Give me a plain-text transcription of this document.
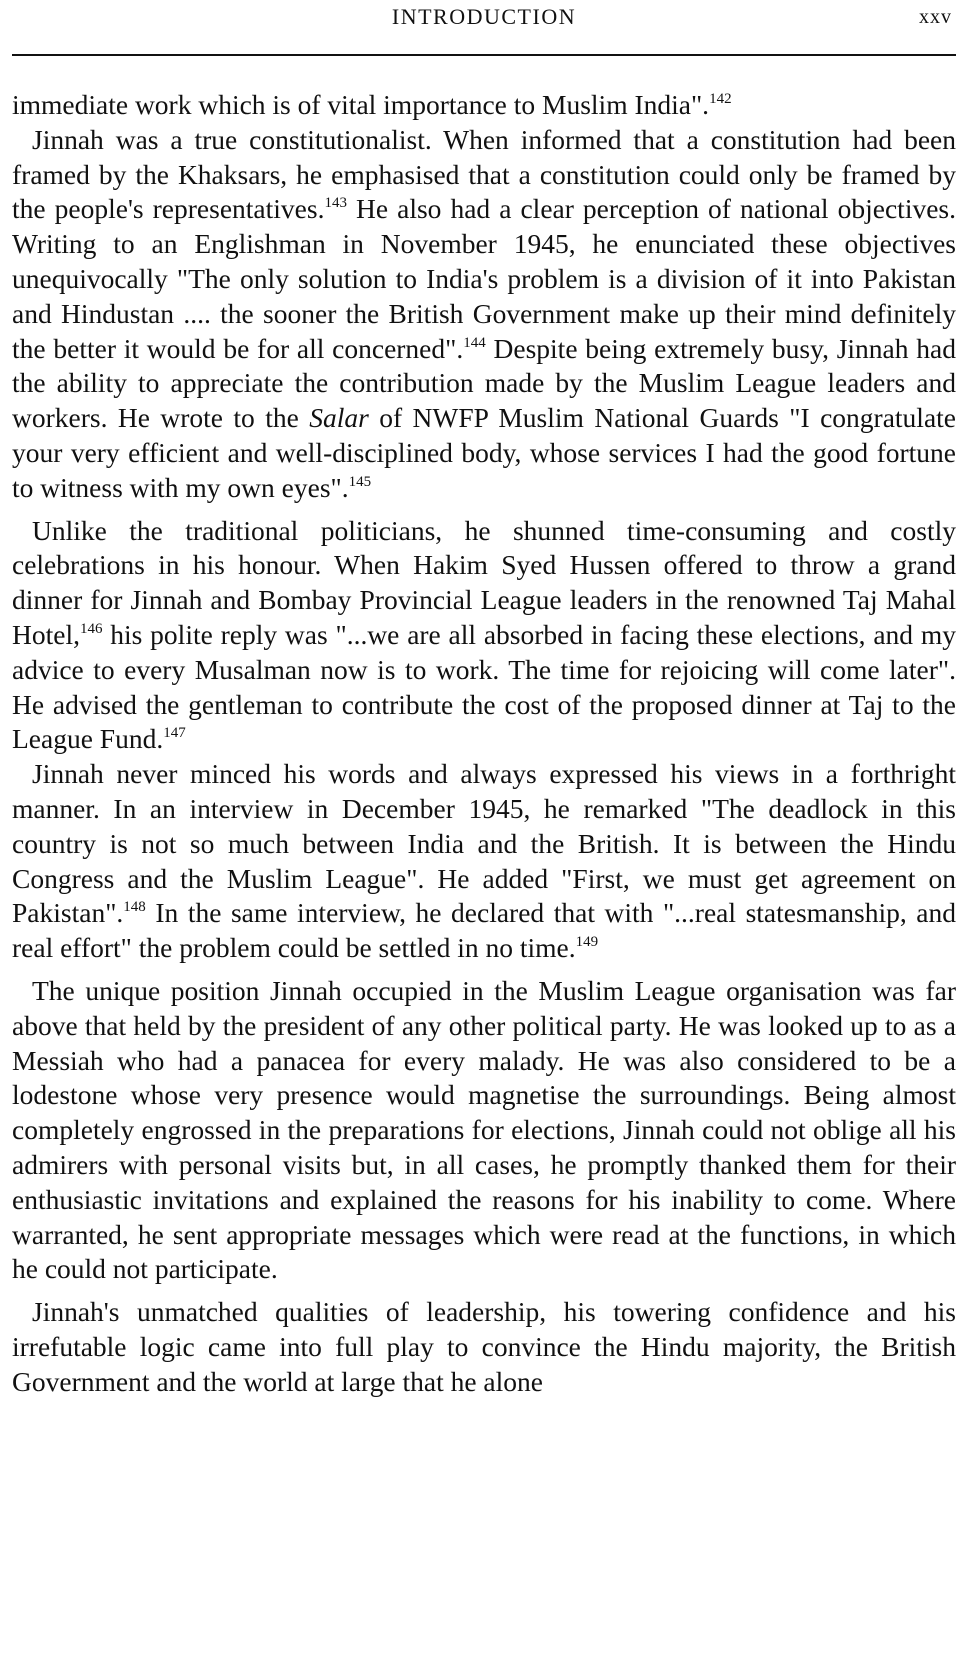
INTRODUCTION	xxv

immediate work which is of vital importance to Muslim India".$^{142}$

Jinnah was a true constitutionalist. When informed that a constitution had been framed by the Khaksars, he emphasised that a constitution could only be framed by the people's representatives.$^{143}$ He also had a clear perception of national objectives. Writing to an Englishman in November 1945, he enunciated these objectives unequivocally "The only solution to India's problem is a division of it into Pakistan and Hindustan .... the sooner the British Government make up their mind definitely the better it would be for all concerned".$^{144}$ Despite being extremely busy, Jinnah had the ability to appreciate the contribution made by the Muslim League leaders and workers. He wrote to the Salar of NWFP Muslim National Guards "I congratulate your very efficient and well-disciplined body, whose services I had the good fortune to witness with my own eyes".$^{145}$

Unlike the traditional politicians, he shunned time-consuming and costly celebrations in his honour. When Hakim Syed Hussen offered to throw a grand dinner for Jinnah and Bombay Provincial League leaders in the renowned Taj Mahal Hotel,$^{146}$ his polite reply was "...we are all absorbed in facing these elections, and my advice to every Musalman now is to work. The time for rejoicing will come later". He advised the gentleman to contribute the cost of the proposed dinner at Taj to the League Fund.$^{147}$

Jinnah never minced his words and always expressed his views in a forthright manner. In an interview in December 1945, he remarked "The deadlock in this country is not so much between India and the British. It is between the Hindu Congress and the Muslim League". He added "First, we must get agreement on Pakistan".$^{148}$ In the same interview, he declared that with "...real statesmanship, and real effort" the problem could be settled in no time.$^{149}$

The unique position Jinnah occupied in the Muslim League organisation was far above that held by the president of any other political party. He was looked up to as a Messiah who had a panacea for every malady. He was also considered to be a lodestone whose very presence would magnetise the surroundings. Being almost completely engrossed in the preparations for elections, Jinnah could not oblige all his admirers with personal visits but, in all cases, he promptly thanked them for their enthusiastic invitations and explained the reasons for his inability to come. Where warranted, he sent appropriate messages which were read at the functions, in which he could not participate.

Jinnah's unmatched qualities of leadership, his towering confidence and his irrefutable logic came into full play to convince the Hindu majority, the British Government and the world at large that he alone
